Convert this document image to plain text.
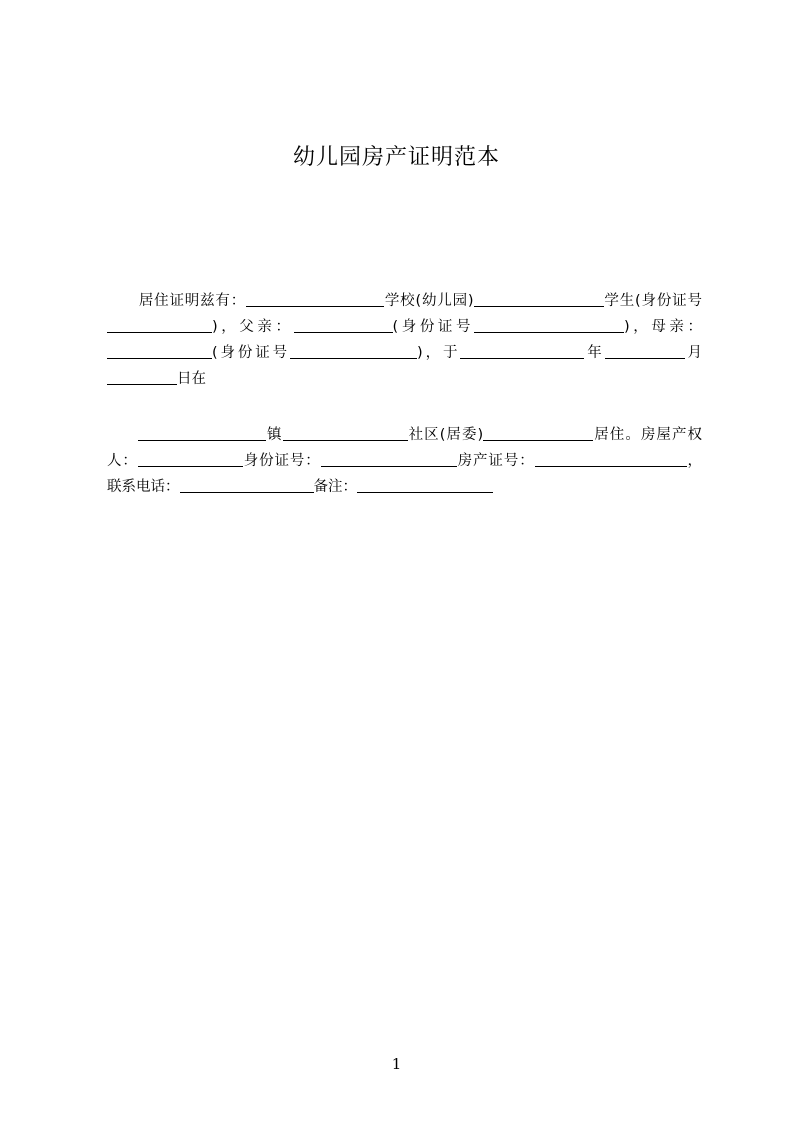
幼儿园房产证明范本
居住证明兹有：	学校(幼儿园)	学生(身份证号)，父亲：	(身份证号	)，母亲：(身份证号	)，于	年	月日在
镇	社区(居委)	居住。房屋产权人：	身份证号：	房产证号：	，联系电话：	备注：
1
